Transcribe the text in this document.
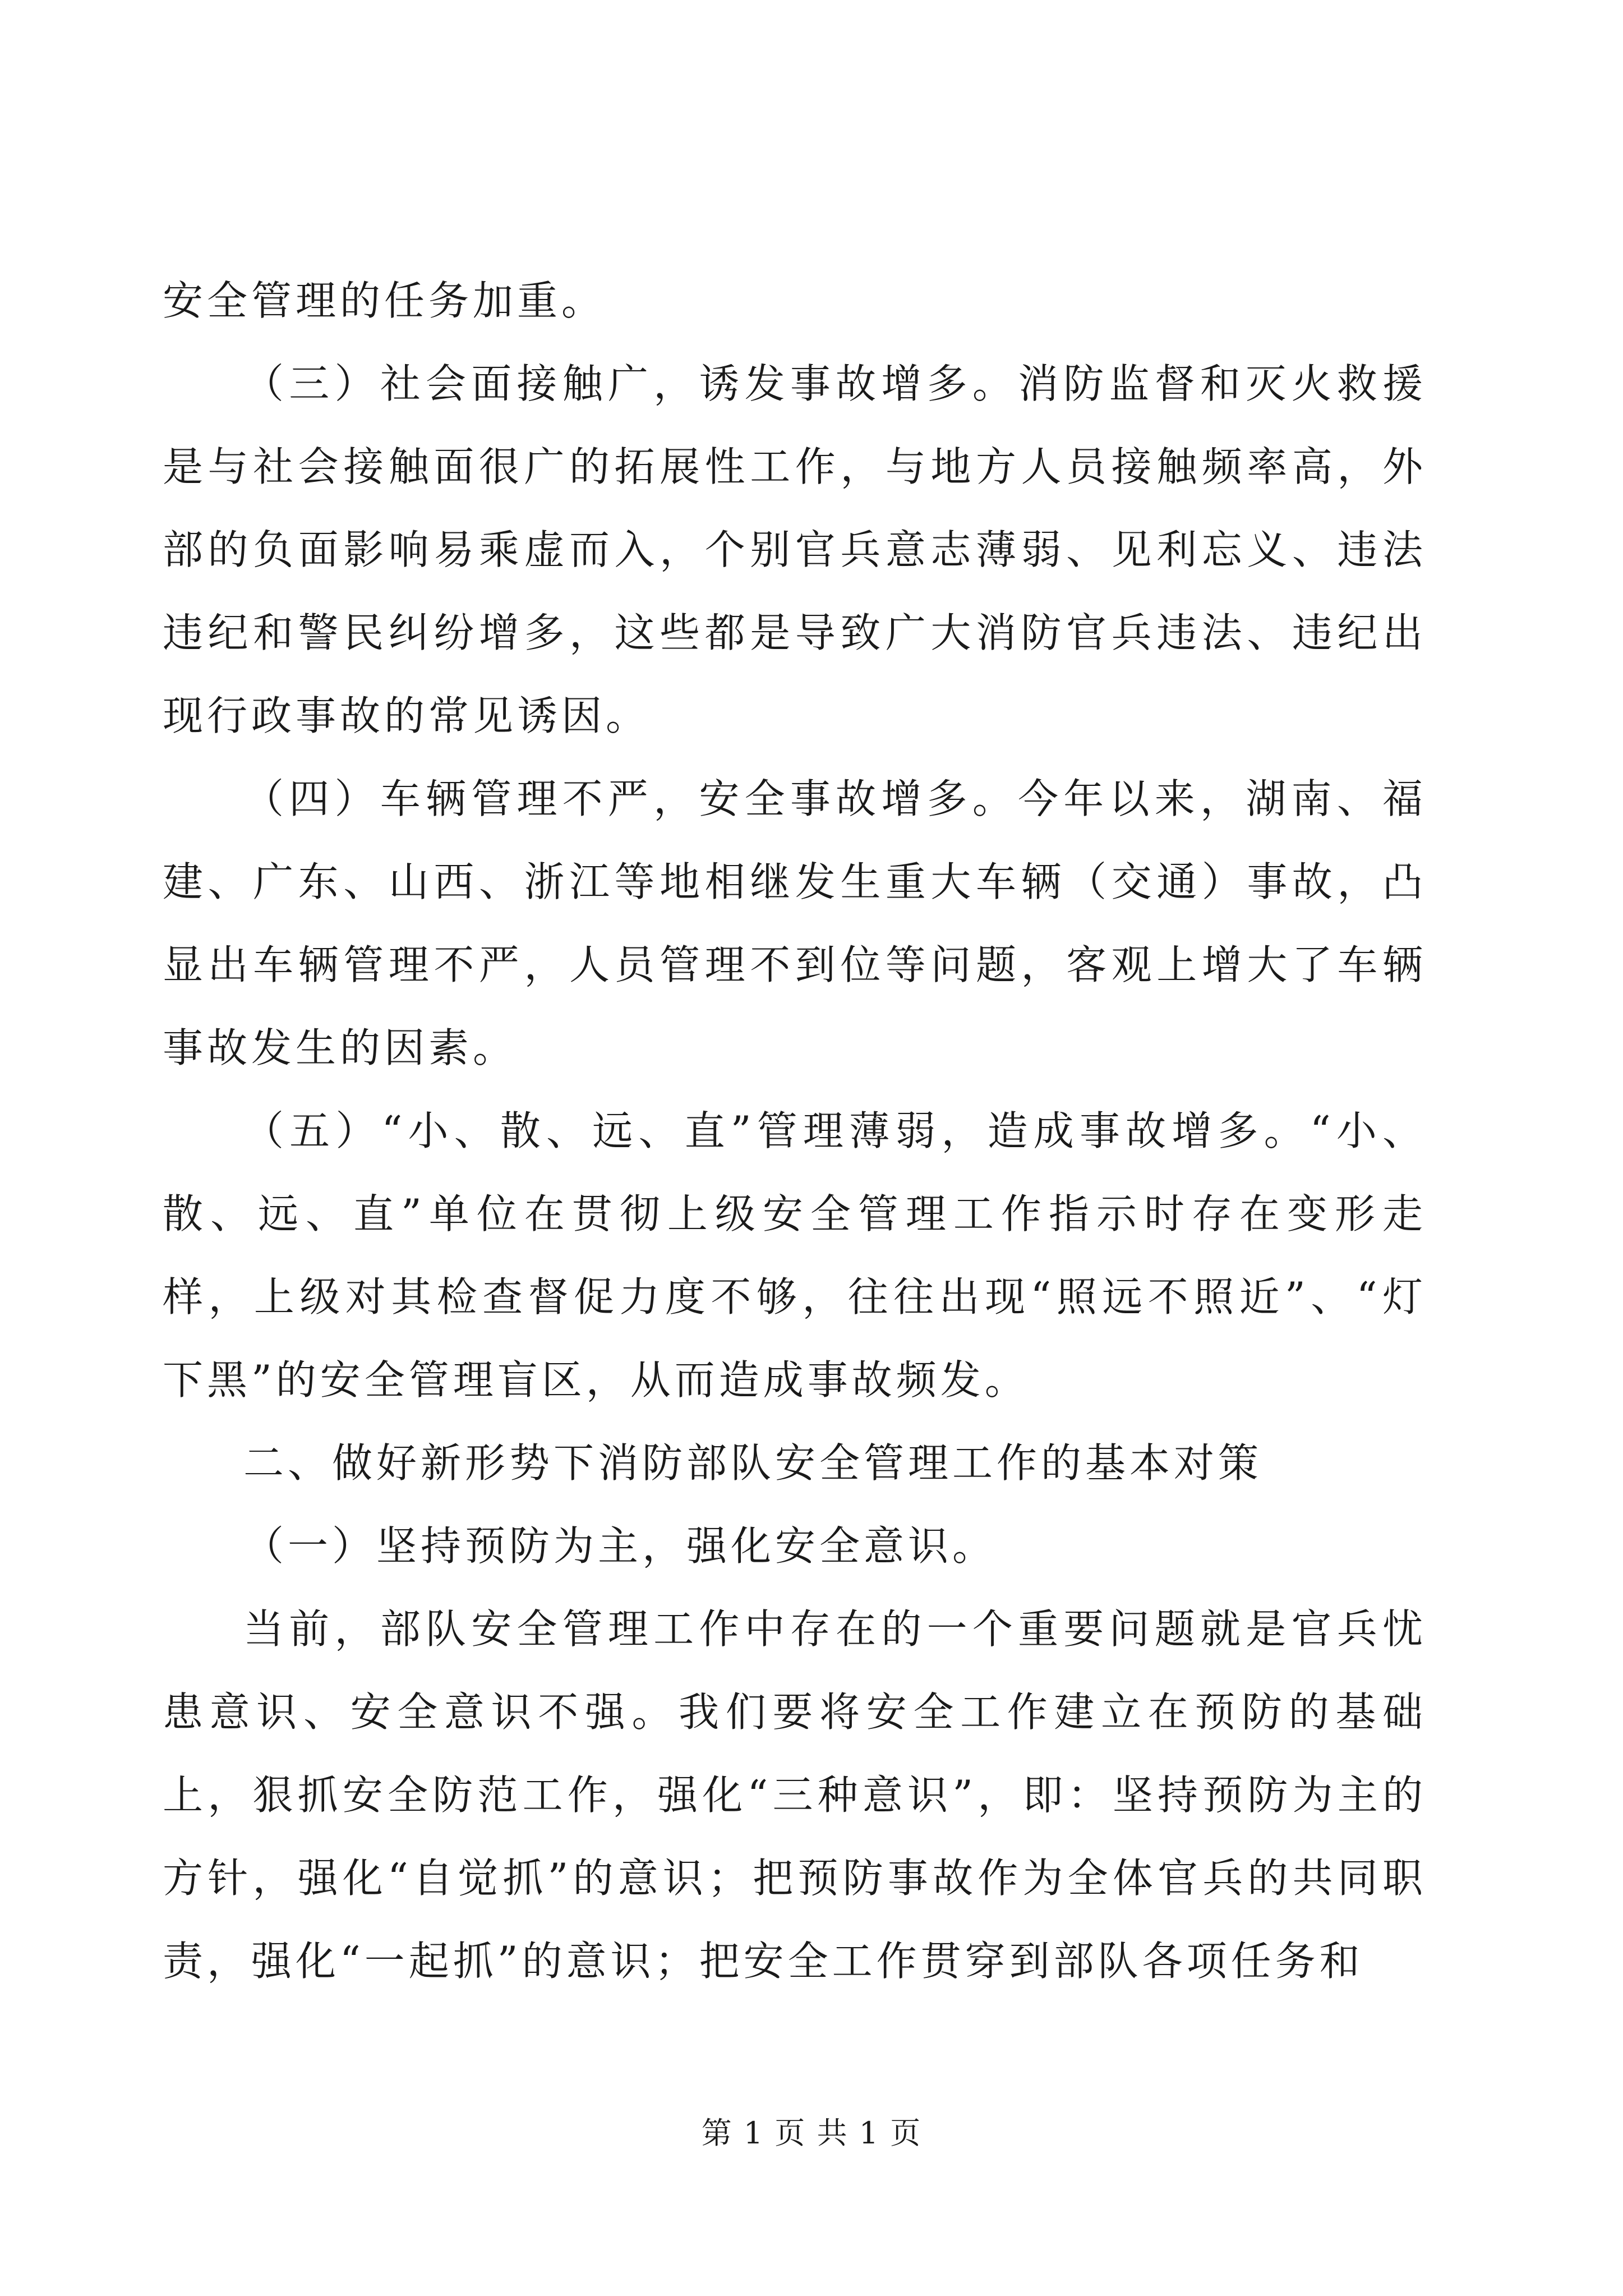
安全管理的任务加重。

（三）社会面接触广，诱发事故增多。消防监督和灭火救援是与社会接触面很广的拓展性工作，与地方人员接触频率高，外部的负面影响易乘虚而入，个别官兵意志薄弱、见利忘义、违法违纪和警民纠纷增多，这些都是导致广大消防官兵违法、违纪出现行政事故的常见诱因。

（四）车辆管理不严，安全事故增多。今年以来，湖南、福建、广东、山西、浙江等地相继发生重大车辆（交通）事故，凸显出车辆管理不严，人员管理不到位等问题，客观上增大了车辆事故发生的因素。

（五）“小、散、远、直”管理薄弱，造成事故增多。“小、散、远、直”单位在贯彻上级安全管理工作指示时存在变形走样，上级对其检查督促力度不够，往往出现“照远不照近”、“灯下黑”的安全管理盲区，从而造成事故频发。

二、做好新形势下消防部队安全管理工作的基本对策

（一）坚持预防为主，强化安全意识。

当前，部队安全管理工作中存在的一个重要问题就是官兵忧患意识、安全意识不强。我们要将安全工作建立在预防的基础上，狠抓安全防范工作，强化“三种意识”，即：坚持预防为主的方针，强化“自觉抓”的意识；把预防事故作为全体官兵的共同职责，强化“一起抓”的意识；把安全工作贯穿到部队各项任务和

第 1 页 共 1 页
